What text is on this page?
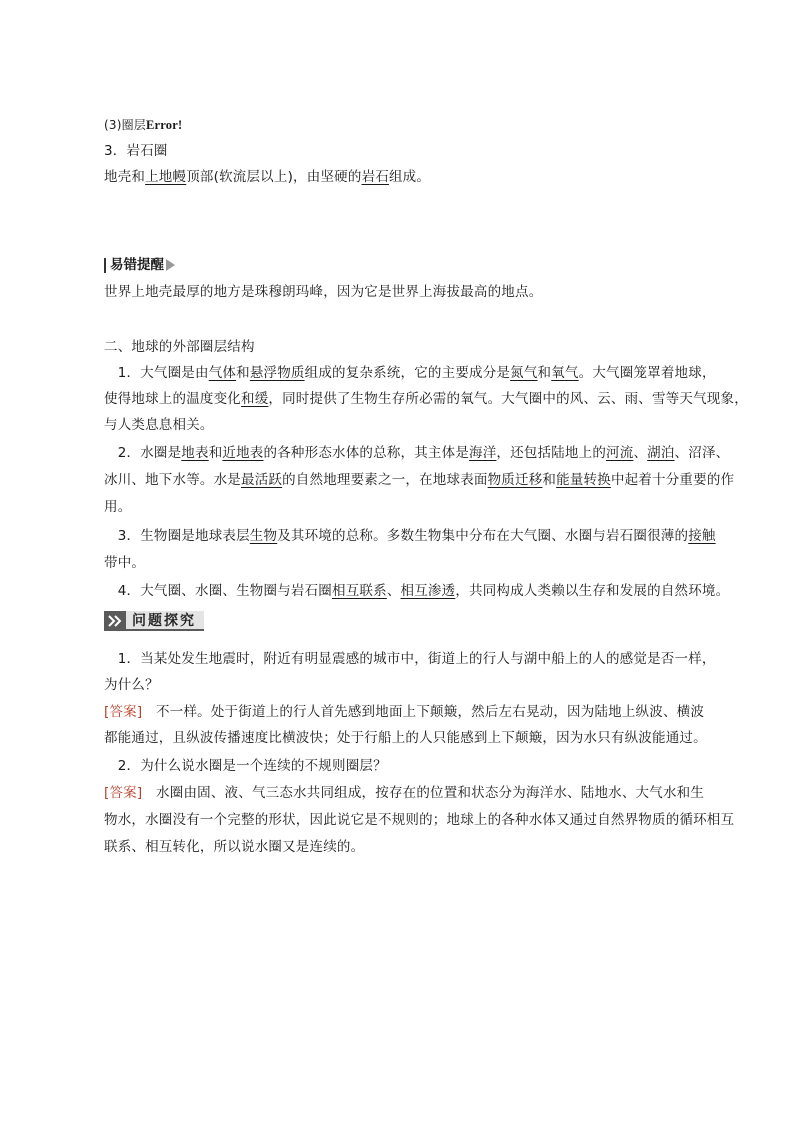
(3)圈层Error!
3．岩石圈
地壳和上地幔顶部(软流层以上)，由坚硬的岩石组成。
易错提醒
世界上地壳最厚的地方是珠穆朗玛峰，因为它是世界上海拔最高的地点。
二、地球的外部圈层结构
　1．大气圈是由气体和悬浮物质组成的复杂系统，它的主要成分是氮气和氧气。大气圈笼罩着地球，
使得地球上的温度变化和缓，同时提供了生物生存所必需的氧气。大气圈中的风、云、雨、雪等天气现象，
与人类息息相关。
　2．水圈是地表和近地表的各种形态水体的总称，其主体是海洋，还包括陆地上的河流、湖泊、沼泽、
冰川、地下水等。水是最活跃的自然地理要素之一，在地球表面物质迁移和能量转换中起着十分重要的作
用。
　3．生物圈是地球表层生物及其环境的总称。多数生物集中分布在大气圈、水圈与岩石圈很薄的接触
带中。
　4．大气圈、水圈、生物圈与岩石圈相互联系、相互渗透，共同构成人类赖以生存和发展的自然环境。
问题探究
　1．当某处发生地震时，附近有明显震感的城市中，街道上的行人与湖中船上的人的感觉是否一样，
为什么？
[答案]　不一样。处于街道上的行人首先感到地面上下颠簸，然后左右晃动，因为陆地上纵波、横波
都能通过，且纵波传播速度比横波快；处于行船上的人只能感到上下颠簸，因为水只有纵波能通过。
　2．为什么说水圈是一个连续的不规则圈层？
[答案]　水圈由固、液、气三态水共同组成，按存在的位置和状态分为海洋水、陆地水、大气水和生
物水，水圈没有一个完整的形状，因此说它是不规则的；地球上的各种水体又通过自然界物质的循环相互
联系、相互转化，所以说水圈又是连续的。
